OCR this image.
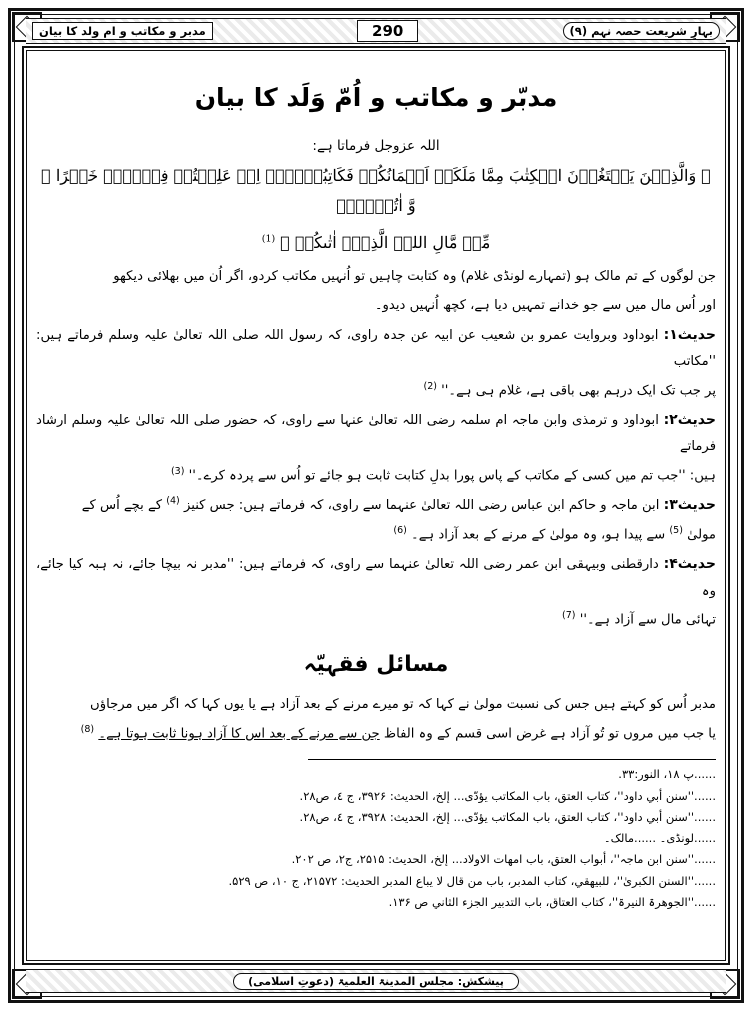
بہارِ شریعت حصہ نہم (۹)
290
مدبر و مکاتب و ام ولد کا بیان
مدبّر و مکاتب و اُمّ وَلَد کا بیان
اللہ عزوجل فرماتا ہے:
﴿ وَالَّذِیۡنَ یَبۡتَغُوۡنَ الۡکِتٰبَ مِمَّا مَلَکَتۡ اَیۡمَانُکُمۡ فَکَاتِبُوۡہُمۡ اِنۡ عَلِمۡتُمۡ فِیۡہِمۡ خَیۡرًا ۖ وَّ اٰتُوۡہُمۡ
مِّنۡ مَّالِ اللہِ الَّذِیۡۤ اٰتٰىکُمۡ ﴾ $^{(1)}$
جن لوگوں کے تم مالک ہو (تمہارے لونڈی غلام) وہ کتابت چاہیں تو اُنہیں مکاتب کردو، اگر اُن میں بھلائی دیکھو
اور اُس مال میں سے جو خدانے تمہیں دیا ہے، کچھ اُنہیں دیدو۔
حدیث۱: ابوداود وبروایت عمرو بن شعیب عن ابیہ عن جدہ راوی، کہ رسول اللہ صلی اللہ تعالیٰ علیہ وسلم فرماتے ہیں: ''مکاتب
پر جب تک ایک درہم بھی باقی ہے، غلام ہی ہے۔'' $^{(2)}$
حدیث۲: ابوداود و ترمذی وابن ماجہ ام سلمہ رضی اللہ تعالیٰ عنہا سے راوی، کہ حضور صلی اللہ تعالیٰ علیہ وسلم ارشاد فرماتے
ہیں: ''جب تم میں کسی کے مکاتب کے پاس پورا بدلِ کتابت ثابت ہو جائے تو اُس سے پردہ کرے۔'' $^{(3)}$
حدیث۳: ابن ماجہ و حاکم ابن عباس رضی اللہ تعالیٰ عنہما سے راوی، کہ فرماتے ہیں: جس کنیز $^{(4)}$ کے بچے اُس کے
مولیٰ $^{(5)}$ سے پیدا ہو، وہ مولیٰ کے مرنے کے بعد آزاد ہے۔ $^{(6)}$
حدیث۴: دارقطنی وبیہقی ابن عمر رضی اللہ تعالیٰ عنہما سے راوی، کہ فرماتے ہیں: ''مدبر نہ بیچا جائے، نہ ہبہ کیا جائے، وہ
تہائی مال سے آزاد ہے۔'' $^{(7)}$
مسائل فقہیّہ
مدبر اُس کو کہتے ہیں جس کی نسبت مولیٰ نے کہا کہ تو میرے مرنے کے بعد آزاد ہے یا یوں کہا کہ اگر میں مرجاؤں
یا جب میں مروں تو تُو آزاد ہے غرض اسی قسم کے وہ الفاظ جن سے مرنے کے بعد اس کا آزاد ہونا ثابت ہوتا ہے۔ $^{(8)}$
......پ ۱۸، النور:۳۳.
......''سنن أبي داود''، کتاب العتق، باب المکاتب یؤدّی... إلخ، الحدیث: ۳۹۲۶، ج ٤، ص۲۸.
......''سنن أبي داود''، کتاب العتق، باب المکاتب یؤدّی... إلخ، الحدیث: ۳۹۲۸، ج ٤، ص۲۸.
......لونڈی۔ ......مالک۔
......''سنن ابن ماجہ''، أبواب العتق، باب امھات الاولاد... إلخ، الحدیث: ۲۵۱۵، ج۲، ص ۲۰۲.
......''السنن الکبریٰ''، للبیھقي، کتاب المدبر، باب من قال لا یباع المدبر الحدیث: ۲۱۵۷۲، ج ۱۰، ص ۵۲۹.
......''الجوھرۃ النیرۃ''، کتاب العتاق، باب التدبیر الجزء الثاني ص ۱۳۶.
پیشکش: مجلس المدینۃ العلمیۃ (دعوتِ اسلامی)
